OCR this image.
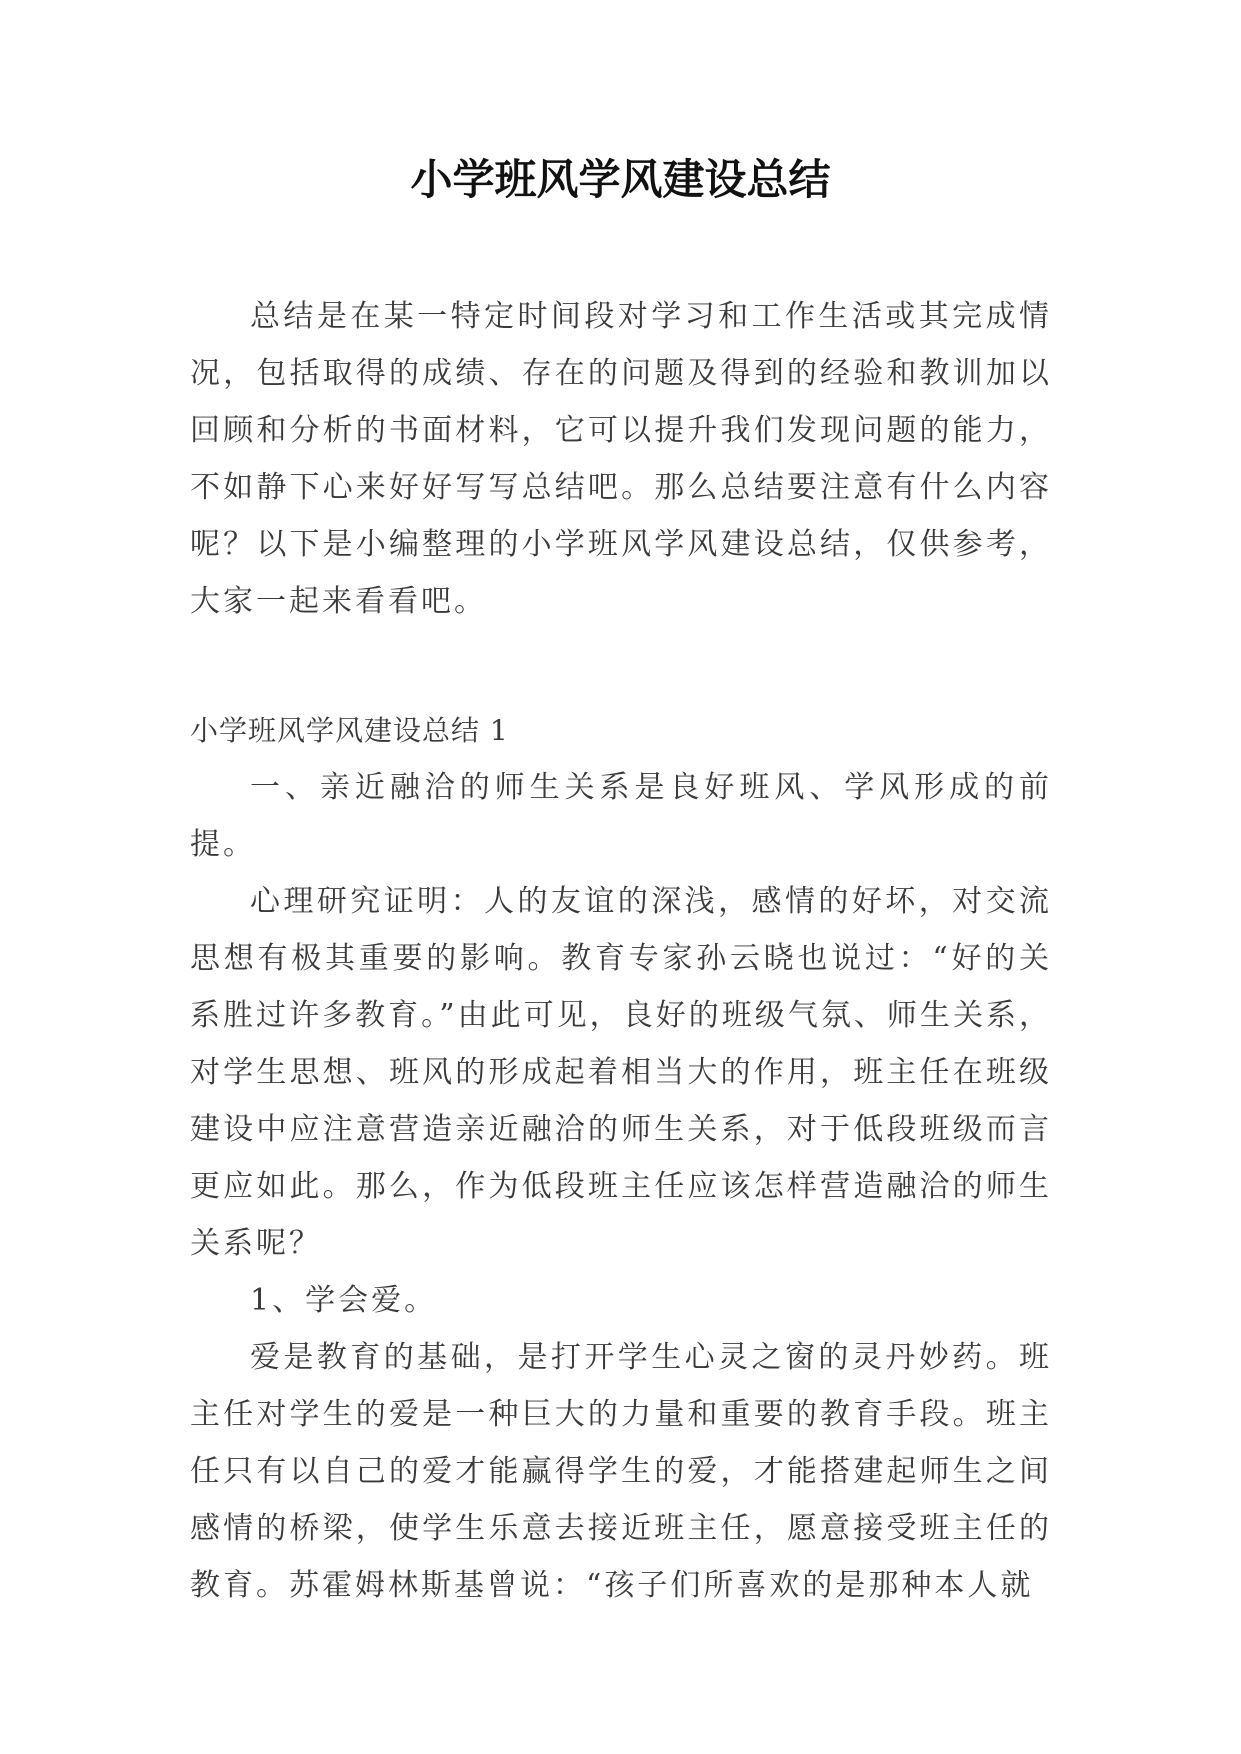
小学班风学风建设总结

总结是在某一特定时间段对学习和工作生活或其完成情况，包括取得的成绩、存在的问题及得到的经验和教训加以回顾和分析的书面材料，它可以提升我们发现问题的能力，不如静下心来好好写写总结吧。那么总结要注意有什么内容呢？以下是小编整理的小学班风学风建设总结，仅供参考，大家一起来看看吧。

小学班风学风建设总结 1

一、亲近融洽的师生关系是良好班风、学风形成的前提。

心理研究证明：人的友谊的深浅，感情的好坏，对交流思想有极其重要的影响。教育专家孙云晓也说过：“好的关系胜过许多教育。”由此可见，良好的班级气氛、师生关系，对学生思想、班风的形成起着相当大的作用，班主任在班级建设中应注意营造亲近融洽的师生关系，对于低段班级而言更应如此。那么，作为低段班主任应该怎样营造融洽的师生关系呢？

1、学会爱。

爱是教育的基础，是打开学生心灵之窗的灵丹妙药。班主任对学生的爱是一种巨大的力量和重要的教育手段。班主任只有以自己的爱才能赢得学生的爱，才能搭建起师生之间感情的桥梁，使学生乐意去接近班主任，愿意接受班主任的教育。苏霍姆林斯基曾说：“孩子们所喜欢的是那种本人就
